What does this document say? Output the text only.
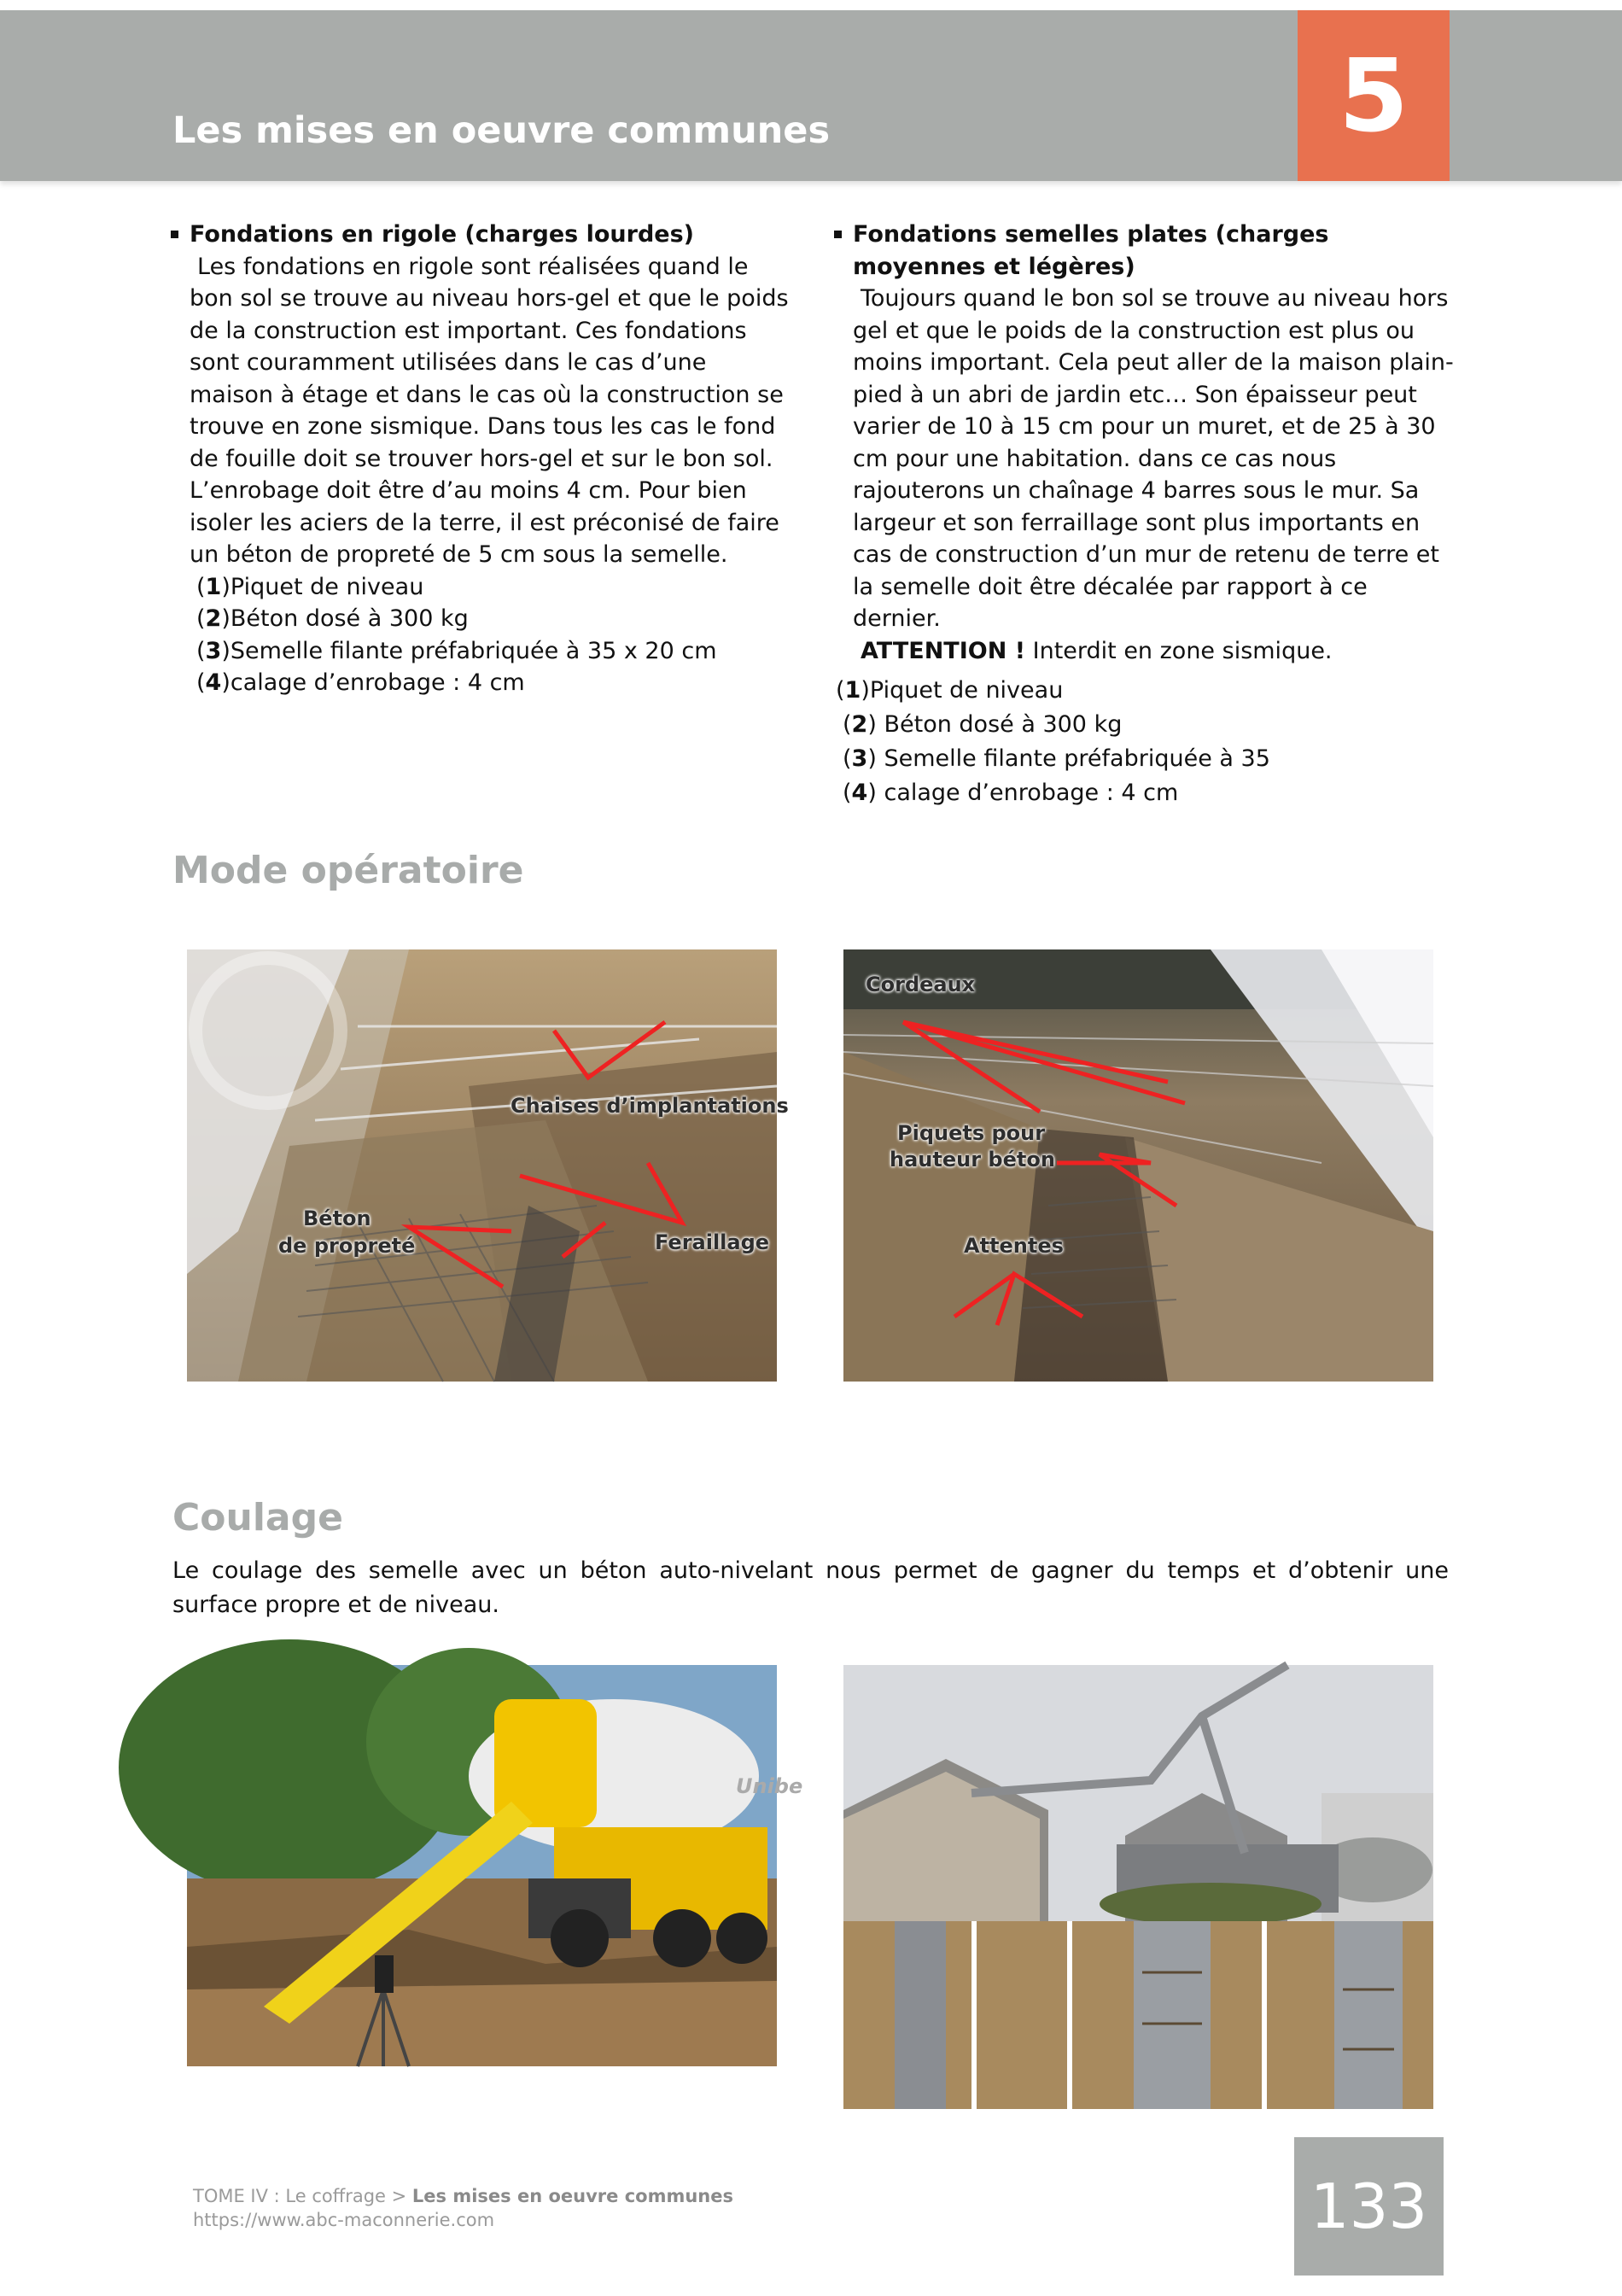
Les mises en oeuvre communes	5
Fondations en rigole (charges lourdes)
Les fondations en rigole sont réalisées quand le bon sol se trouve au niveau hors-gel et que le poids de la construction est important. Ces fondations sont couramment utilisées dans le cas d’une maison à étage et dans le cas où la construction se trouve en zone sismique. Dans tous les cas le fond de fouille doit se trouver hors-gel et sur le bon sol. L’enrobage doit être d’au moins 4 cm. Pour bien isoler les aciers de la terre, il est préconisé de faire un béton de propreté de 5 cm sous la semelle.
(1)Piquet de niveau
(2)Béton dosé à 300 kg
(3)Semelle filante préfabriquée à 35 x 20 cm
(4)calage d’enrobage : 4 cm
Fondations semelles plates (charges moyennes et légères)
Toujours quand le bon sol se trouve au niveau hors gel et que le poids de la construction est plus ou moins important. Cela peut aller de la maison plain-pied à un abri de jardin etc… Son épaisseur peut varier de 10 à 15 cm pour un muret, et de 25 à 30 cm pour une habitation. dans ce cas nous rajouterons un chaînage 4 barres sous le mur. Sa largeur et son ferraillage sont plus importants en cas de construction d’un mur de retenu de terre et la semelle doit être décalée par rapport à ce dernier.
ATTENTION ! Interdit en zone sismique.
(1)Piquet de niveau
(2) Béton dosé à 300 kg
(3) Semelle filante préfabriquée à 35
(4) calage d’enrobage : 4 cm
Mode opératoire
Chaises d’implantations
Béton
de propreté	Feraillage
Cordeaux
Piquets pour
hauteur béton
Attentes
Coulage
Le coulage des semelle avec un béton auto-nivelant nous permet de gagner du temps et d’obtenir une surface propre et de niveau.
Unibe
TOME IV : Le coffrage > Les mises en oeuvre communes
https://www.abc-maconnerie.com	133
